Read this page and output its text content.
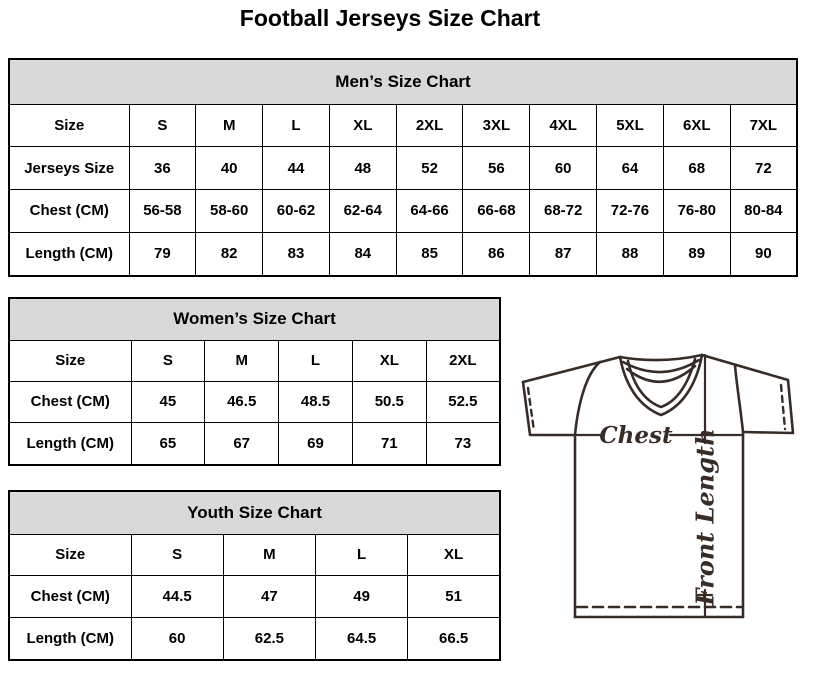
Football Jerseys Size Chart
Men’s Size Chart										
Size	S	M	L	XL	2XL	3XL	4XL	5XL	6XL	7XL
Jerseys Size	36	40	44	48	52	56	60	64	68	72
Chest (CM)	56-58	58-60	60-62	62-64	64-66	66-68	68-72	72-76	76-80	80-84
Length (CM)	79	82	83	84	85	86	87	88	89	90
Women’s Size Chart					
Size	S	M	L	XL	2XL
Chest (CM)	45	46.5	48.5	50.5	52.5
Length (CM)	65	67	69	71	73
Youth Size Chart				
Size	S	M	L	XL
Chest (CM)	44.5	47	49	51
Length (CM)	60	62.5	64.5	66.5
Chest Front Length
